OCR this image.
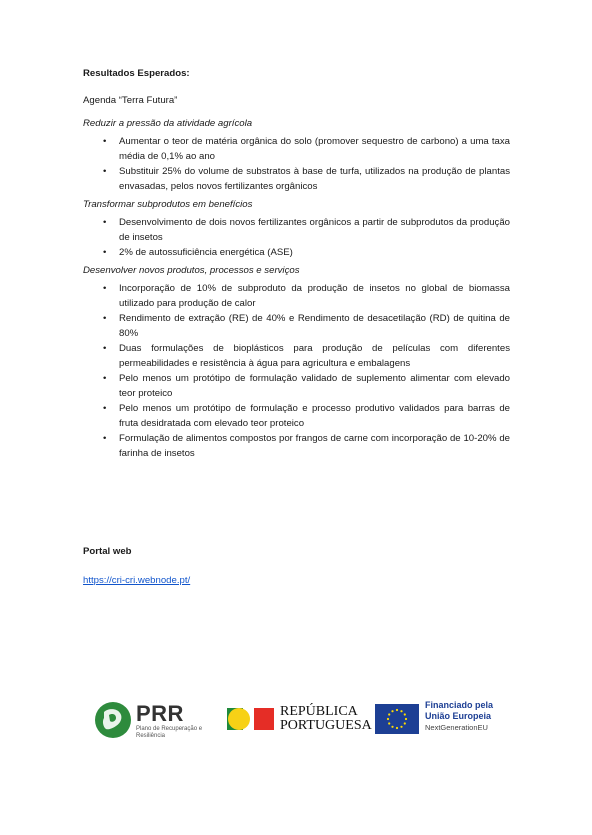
Resultados Esperados:

Agenda “Terra Futura”

Reduzir a pressão da atividade agrícola

• Aumentar o teor de matéria orgânica do solo (promover sequestro de carbono) a uma taxa média de 0,1% ao ano
• Substituir 25% do volume de substratos à base de turfa, utilizados na produção de plantas envasadas, pelos novos fertilizantes orgânicos

Transformar subprodutos em benefícios

• Desenvolvimento de dois novos fertilizantes orgânicos a partir de subprodutos da produção de insetos
• 2% de autossuficiência energética (ASE)

Desenvolver novos produtos, processos e serviços

• Incorporação de 10% de subproduto da produção de insetos no global de biomassa utilizado para produção de calor
• Rendimento de extração (RE) de 40% e Rendimento de desacetilação (RD) de quitina de 80%
• Duas formulações de bioplásticos para produção de películas com diferentes permeabilidades e resistência à água para agricultura e embalagens
• Pelo menos um protótipo de formulação validado de suplemento alimentar com elevado teor proteico
• Pelo menos um protótipo de formulação e processo produtivo validados para barras de fruta desidratada com elevado teor proteico
• Formulação de alimentos compostos por frangos de carne com incorporação de 10-20% de farinha de insetos

Portal web

https://cri-cri.webnode.pt/
PRR
Plano de Recuperação e Resiliência
REPÚBLICA
PORTUGUESA
Financiado pela
União Europeia
NextGenerationEU
